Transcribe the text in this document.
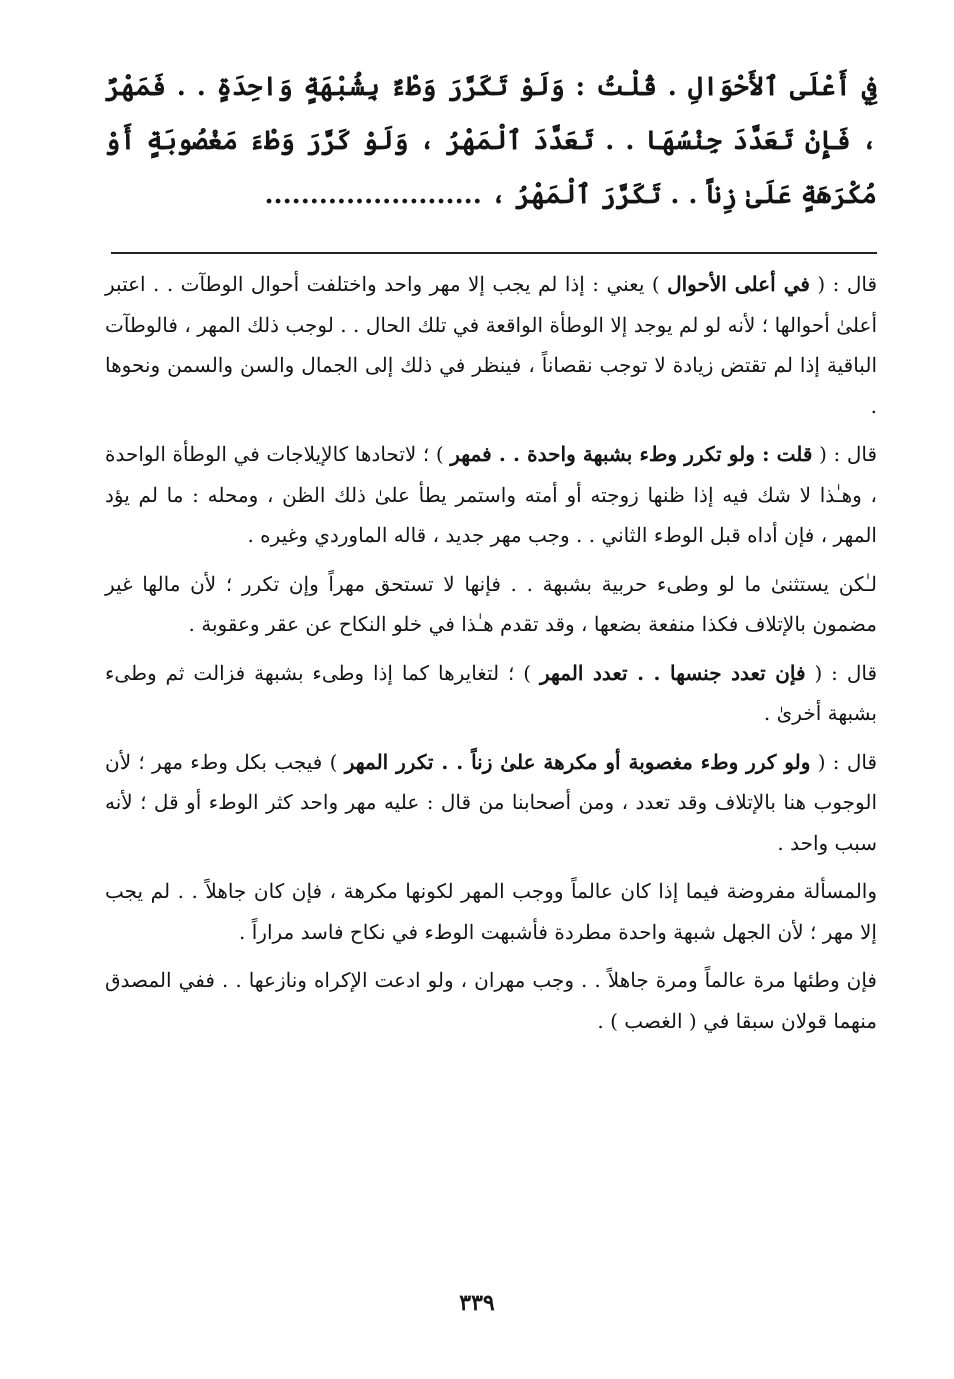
فِي أَعْلَى ٱلأَحْوَالِ . قُلْتُ : وَلَوْ تَكَرَّرَ وَطْءٌ بِشُبْهَةٍ وَاحِدَةٍ . . فَمَهْرٌ ، فَإِنْ تَعَدَّدَ جِنْسُهَا . . تَعَدَّدَ ٱلْمَهْرُ ، وَلَوْ كَرَّرَ وَطْءَ مَغْصُوبَةٍ أَوْ مُكْرَهَةٍ عَلَىٰ زِناً . . تَكَرَّرَ ٱلْمَهْرُ ، ........................

قال : ( في أعلى الأحوال ) يعني : إذا لم يجب إلا مهر واحد واختلفت أحوال الوطآت . . اعتبر أعلىٰ أحوالها ؛ لأنه لو لم يوجد إلا الوطأة الواقعة في تلك الحال . . لوجب ذلك المهر ، فالوطآت الباقية إذا لم تقتض زيادة لا توجب نقصاناً ، فينظر في ذلك إلى الجمال والسن والسمن ونحوها .

قال : ( قلت : ولو تكرر وطء بشبهة واحدة . . فمهر ) ؛ لاتحادها كالإيلاجات في الوطأة الواحدة ، وهـٰذا لا شك فيه إذا ظنها زوجته أو أمته واستمر يطأ علىٰ ذلك الظن ، ومحله : ما لم يؤد المهر ، فإن أداه قبل الوطء الثاني . . وجب مهر جديد ، قاله الماوردي وغيره .

لـٰكن يستثنىٰ ما لو وطىء حربية بشبهة . . فإنها لا تستحق مهراً وإن تكرر ؛ لأن مالها غير مضمون بالإتلاف فكذا منفعة بضعها ، وقد تقدم هـٰذا في خلو النكاح عن عقر وعقوبة .

قال : ( فإن تعدد جنسها . . تعدد المهر ) ؛ لتغايرها كما إذا وطىء بشبهة فزالت ثم وطىء بشبهة أخرىٰ .

قال : ( ولو كرر وطء مغصوبة أو مكرهة علىٰ زناً . . تكرر المهر ) فيجب بكل وطء مهر ؛ لأن الوجوب هنا بالإتلاف وقد تعدد ، ومن أصحابنا من قال : عليه مهر واحد كثر الوطء أو قل ؛ لأنه سبب واحد .

والمسألة مفروضة فيما إذا كان عالماً ووجب المهر لكونها مكرهة ، فإن كان جاهلاً . . لم يجب إلا مهر ؛ لأن الجهل شبهة واحدة مطردة فأشبهت الوطء في نكاح فاسد مراراً .

فإن وطئها مرة عالماً ومرة جاهلاً . . وجب مهران ، ولو ادعت الإكراه ونازعها . . ففي المصدق منهما قولان سبقا في ( الغصب ) .

٣٣٩
